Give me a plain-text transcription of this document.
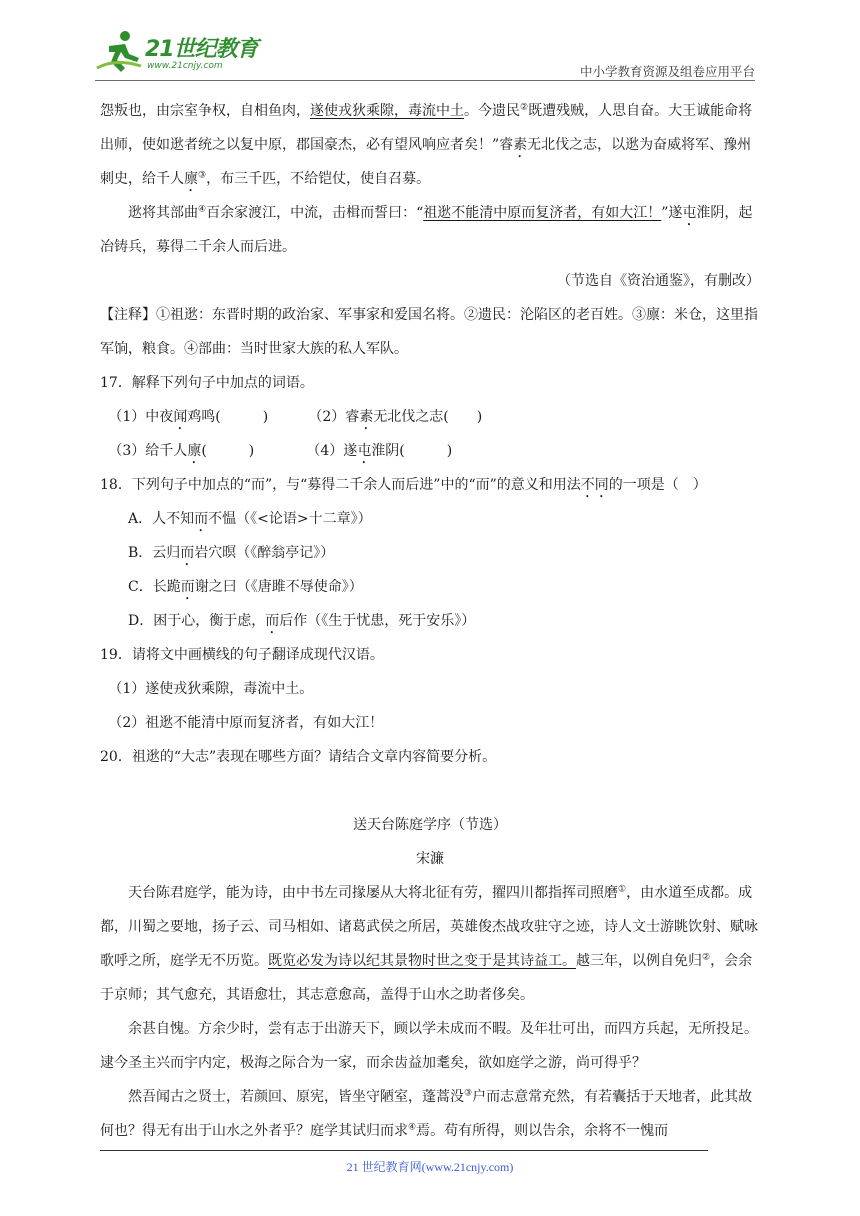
21世纪教育
www.21cnjy.com	中小学教育资源及组卷应用平台

怨叛也，由宗室争权，自相鱼肉，遂使戎狄乘隙，毒流中土。今遗民②既遭残贼，人思自奋。大王诚能命将出师，使如逖者统之以复中原，郡国豪杰，必有望风响应者矣！”睿素无北伐之志，以逖为奋威将军、豫州刺史，给千人廪③，布三千匹，不给铠仗，使自召募。

逖将其部曲④百余家渡江，中流，击楫而誓曰：“祖逖不能清中原而复济者，有如大江！”遂屯淮阴，起冶铸兵，募得二千余人而后进。

（节选自《资治通鉴》，有删改）

【注释】①祖逖：东晋时期的政治家、军事家和爱国名将。②遗民：沦陷区的老百姓。③廪：米仓，这里指军饷，粮食。④部曲：当时世家大族的私人军队。

17．解释下列句子中加点的词语。

（1）中夜闻鸡鸣(　　　)	（2）睿素无北伐之志(　　)

（3）给千人廪(　　　)	（4）遂屯淮阴(　　　)

18．下列句子中加点的“而”，与“募得二千余人而后进”中的“而”的意义和用法不同的一项是（　）

A．人不知而不愠（《<论语>十二章》）

B．云归而岩穴暝（《醉翁亭记》）

C．长跪而谢之曰（《唐雎不辱使命》）

D．困于心，衡于虑，而后作（《生于忧患，死于安乐》）

19．请将文中画横线的句子翻译成现代汉语。

（1）遂使戎狄乘隙，毒流中土。

（2）祖逖不能清中原而复济者，有如大江！

20．祖逖的“大志”表现在哪些方面？请结合文章内容简要分析。

送天台陈庭学序（节选）

宋濂

天台陈君庭学，能为诗，由中书左司掾屡从大将北征有劳，擢四川都指挥司照磨①，由水道至成都。成都，川蜀之要地，扬子云、司马相如、诸葛武侯之所居，英雄俊杰战攻驻守之迹，诗人文士游眺饮射、赋咏歌呼之所，庭学无不历览。既览必发为诗以纪其景物时世之变于是其诗益工。越三年，以例自免归②，会余于京师；其气愈充，其语愈壮，其志意愈高，盖得于山水之助者侈矣。

余甚自愧。方余少时，尝有志于出游天下，顾以学未成而不暇。及年壮可出，而四方兵起，无所投足。逮今圣主兴而宇内定，极海之际合为一家，而余齿益加耄矣，欲如庭学之游，尚可得乎？

然吾闻古之贤士，若颜回、原宪，皆坐守陋室，蓬蒿没③户而志意常充然，有若囊括于天地者，此其故何也？得无有出于山水之外者乎？庭学其试归而求④焉。苟有所得，则以告余，余将不一愧而

21 世纪教育网(www.21cnjy.com)
